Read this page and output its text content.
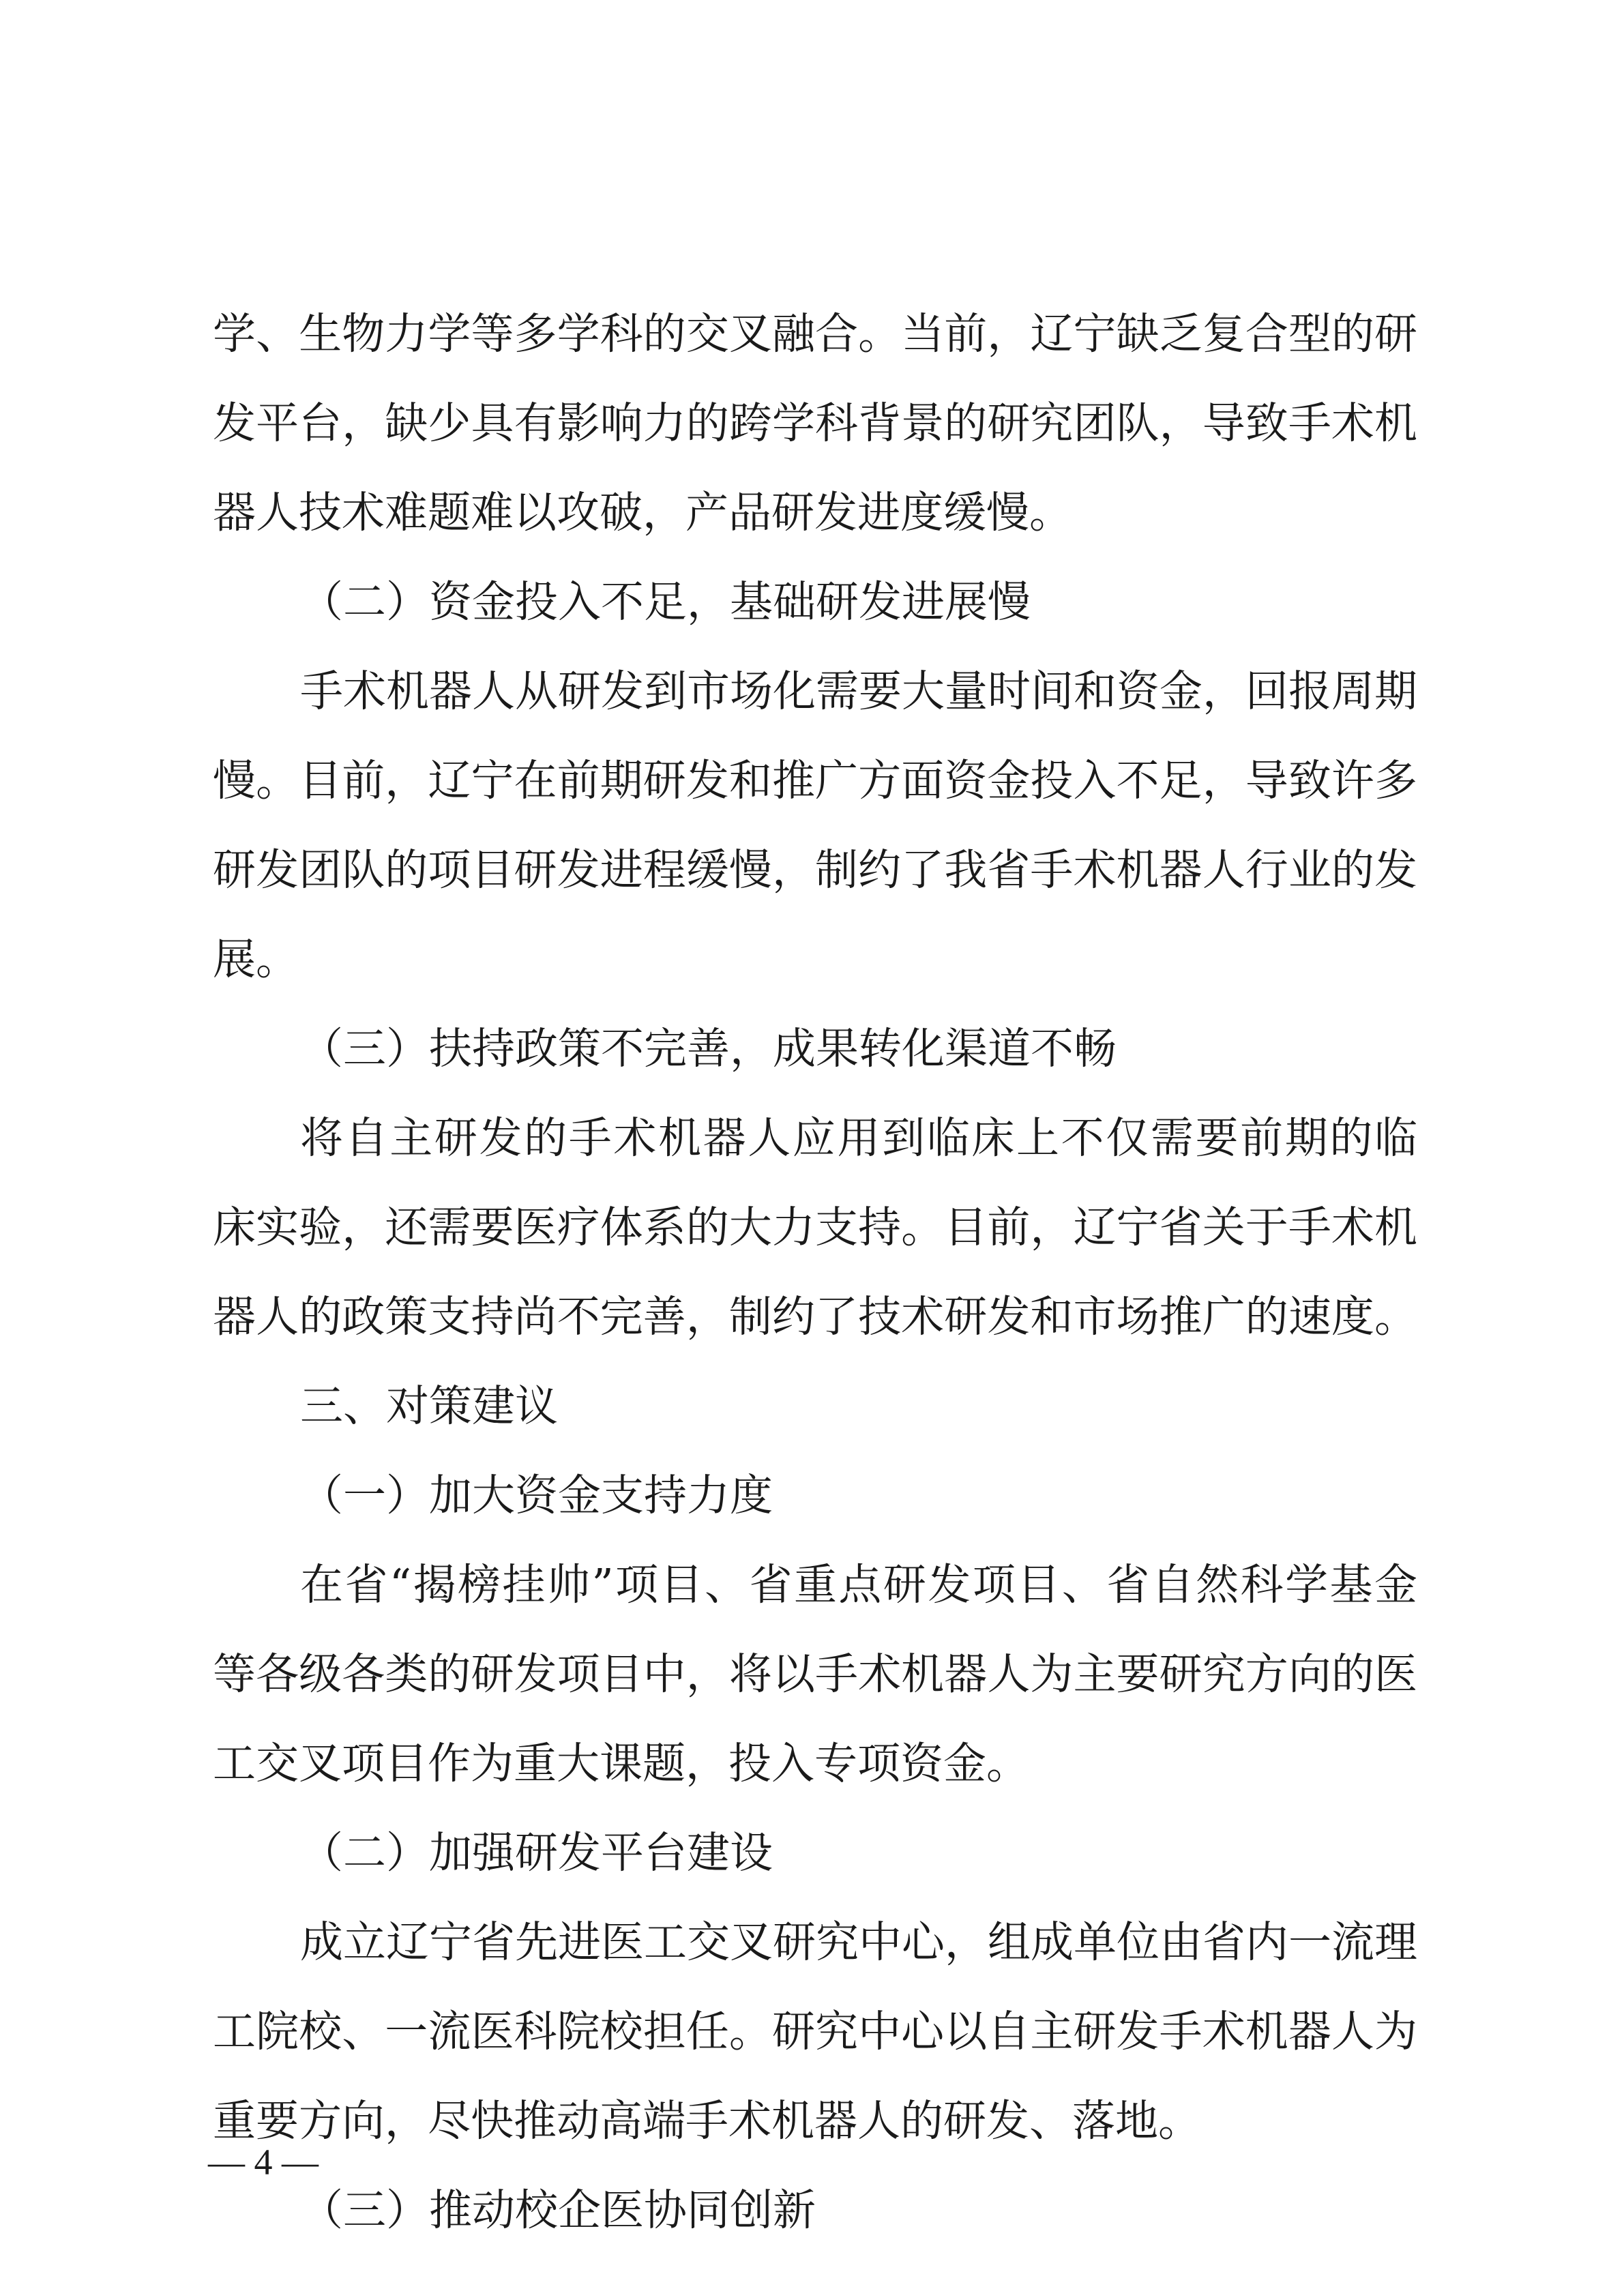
学、生物力学等多学科的交叉融合。当前，辽宁缺乏复合型的研
发平台，缺少具有影响力的跨学科背景的研究团队，导致手术机
器人技术难题难以攻破，产品研发进度缓慢。
（二）资金投入不足，基础研发进展慢
手术机器人从研发到市场化需要大量时间和资金，回报周期
慢。目前，辽宁在前期研发和推广方面资金投入不足，导致许多
研发团队的项目研发进程缓慢，制约了我省手术机器人行业的发
展。
（三）扶持政策不完善，成果转化渠道不畅
将自主研发的手术机器人应用到临床上不仅需要前期的临
床实验，还需要医疗体系的大力支持。目前，辽宁省关于手术机
器人的政策支持尚不完善，制约了技术研发和市场推广的速度。
三、对策建议
（一）加大资金支持力度
在省“揭榜挂帅”项目、省重点研发项目、省自然科学基金
等各级各类的研发项目中，将以手术机器人为主要研究方向的医
工交叉项目作为重大课题，投入专项资金。
（二）加强研发平台建设
成立辽宁省先进医工交叉研究中心，组成单位由省内一流理
工院校、一流医科院校担任。研究中心以自主研发手术机器人为
重要方向，尽快推动高端手术机器人的研发、落地。
（三）推动校企医协同创新
— 4 —
